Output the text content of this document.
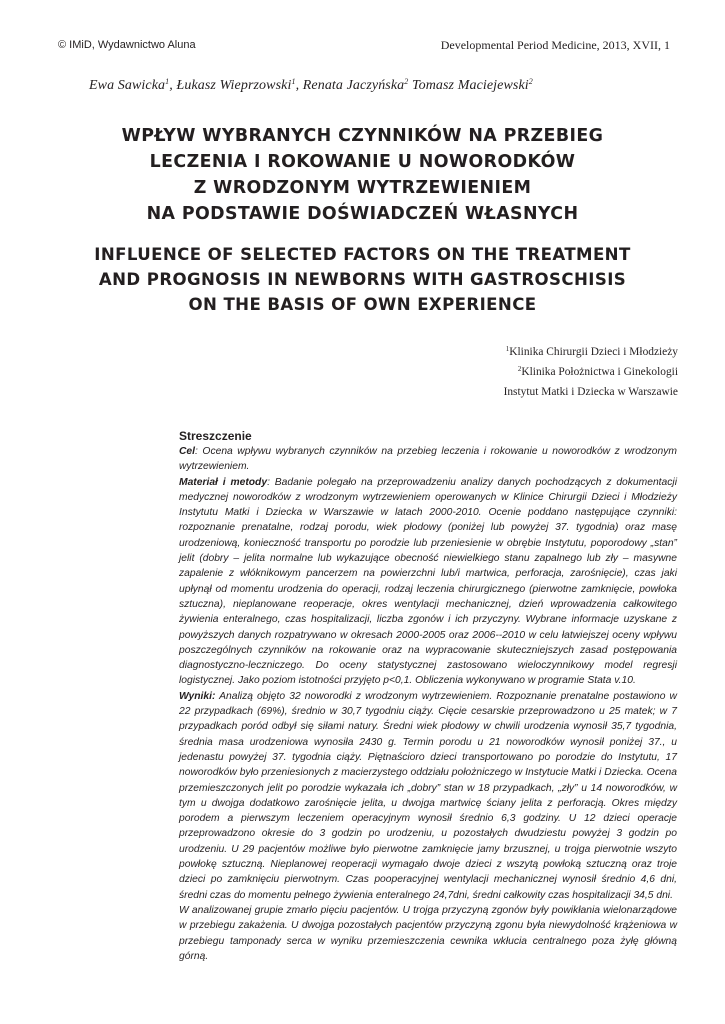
© IMiD, Wydawnictwo Aluna	Developmental Period Medicine, 2013, XVII, 1
Ewa Sawicka$^1$, Łukasz Wieprzowski$^1$, Renata Jaczyńska$^2$ Tomasz Maciejewski$^2$
WPŁYW WYBRANYCH CZYNNIKÓW NA PRZEBIEG
LECZENIA I ROKOWANIE U NOWORODKÓW
Z WRODZONYM WYTRZEWIENIEM
NA PODSTAWIE DOŚWIADCZEŃ WŁASNYCH
INFLUENCE OF SELECTED FACTORS ON THE TREATMENT
AND PROGNOSIS IN NEWBORNS WITH GASTROSCHISIS
ON THE BASIS OF OWN EXPERIENCE
$^1$Klinika Chirurgii Dzieci i Młodzieży
$^2$Klinika Położnictwa i Ginekologii
Instytut Matki i Dziecka w Warszawie
Streszczenie

Cel: Ocena wpływu wybranych czynników na przebieg leczenia i rokowanie u noworodków z wrodzonym wytrzewieniem.

Materiał i metody: Badanie polegało na przeprowadzeniu analizy danych pochodzących z dokumentacji medycznej noworodków z wrodzonym wytrzewieniem operowanych w Klinice Chirurgii Dzieci i Młodzieży Instytutu Matki i Dziecka w Warszawie w latach 2000-2010. Ocenie poddano następujące czynniki: rozpoznanie prenatalne, rodzaj porodu, wiek płodowy (poniżej lub powyżej 37. tygodnia) oraz masę urodzeniową, konieczność transportu po porodzie lub przeniesienie w obrębie Instytutu, poporodowy „stan” jelit (dobry – jelita normalne lub wykazujące obecność niewielkiego stanu zapalnego lub zły – masywne zapalenie z włóknikowym pancerzem na powierzchni lub/i martwica, perforacja, zarośnięcie), czas jaki upłynął od momentu urodzenia do operacji, rodzaj leczenia chirurgicznego (pierwotne zamknięcie, powłoka sztuczna), nieplanowane reoperacje, okres wentylacji mechanicznej, dzień wprowadzenia całkowitego żywienia enteralnego, czas hospitalizacji, liczba zgonów i ich przyczyny. Wybrane informacje uzyskane z powyższych danych rozpatrywano w okresach 2000-2005 oraz 2006--2010 w celu łatwiejszej oceny wpływu poszczególnych czynników na rokowanie oraz na wypracowanie skuteczniejszych zasad postępowania diagnostyczno-leczniczego. Do oceny statystycznej zastosowano wieloczynnikowy model regresji logistycznej. Jako poziom istotności przyjęto p<0,1. Obliczenia wykonywano w programie Stata v.10.

Wyniki: Analizą objęto 32 noworodki z wrodzonym wytrzewieniem. Rozpoznanie prenatalne postawiono w 22 przypadkach (69%), średnio w 30,7 tygodniu ciąży. Cięcie cesarskie przeprowadzono u 25 matek; w 7 przypadkach poród odbył się siłami natury. Średni wiek płodowy w chwili urodzenia wynosił 35,7 tygodnia, średnia masa urodzeniowa wynosiła 2430 g. Termin porodu u 21 noworodków wynosił poniżej 37., u jedenastu powyżej 37. tygodnia ciąży. Piętnaścioro dzieci transportowano po porodzie do Instytutu, 17 noworodków było przeniesionych z macierzystego oddziału położniczego w Instytucie Matki i Dziecka. Ocena przemieszczonych jelit po porodzie wykazała ich „dobry” stan w 18 przypadkach, „zły” u 14 noworodków, w tym u dwojga dodatkowo zarośnięcie jelita, u dwojga martwicę ściany jelita z perforacją. Okres między porodem a pierwszym leczeniem operacyjnym wynosił średnio 6,3 godziny. U 12 dzieci operacje przeprowadzono okresie do 3 godzin po urodzeniu, u pozostałych dwudziestu powyżej 3 godzin po urodzeniu. U 29 pacjentów możliwe było pierwotne zamknięcie jamy brzusznej, u trojga pierwotnie wszyto powłokę sztuczną. Nieplanowej reoperacji wymagało dwoje dzieci z wszytą powłoką sztuczną oraz troje dzieci po zamknięciu pierwotnym. Czas pooperacyjnej wentylacji mechanicznej wynosił średnio 4,6 dni, średni czas do momentu pełnego żywienia enteralnego 24,7dni, średni całkowity czas hospitalizacji 34,5 dni.

W analizowanej grupie zmarło pięciu pacjentów. U trojga przyczyną zgonów były powikłania wielonarządowe w przebiegu zakażenia. U dwojga pozostałych pacjentów przyczyną zgonu była niewydolność krążeniowa w przebiegu tamponady serca w wyniku przemieszczenia cewnika wkłucia centralnego poza żyłę główną górną.
